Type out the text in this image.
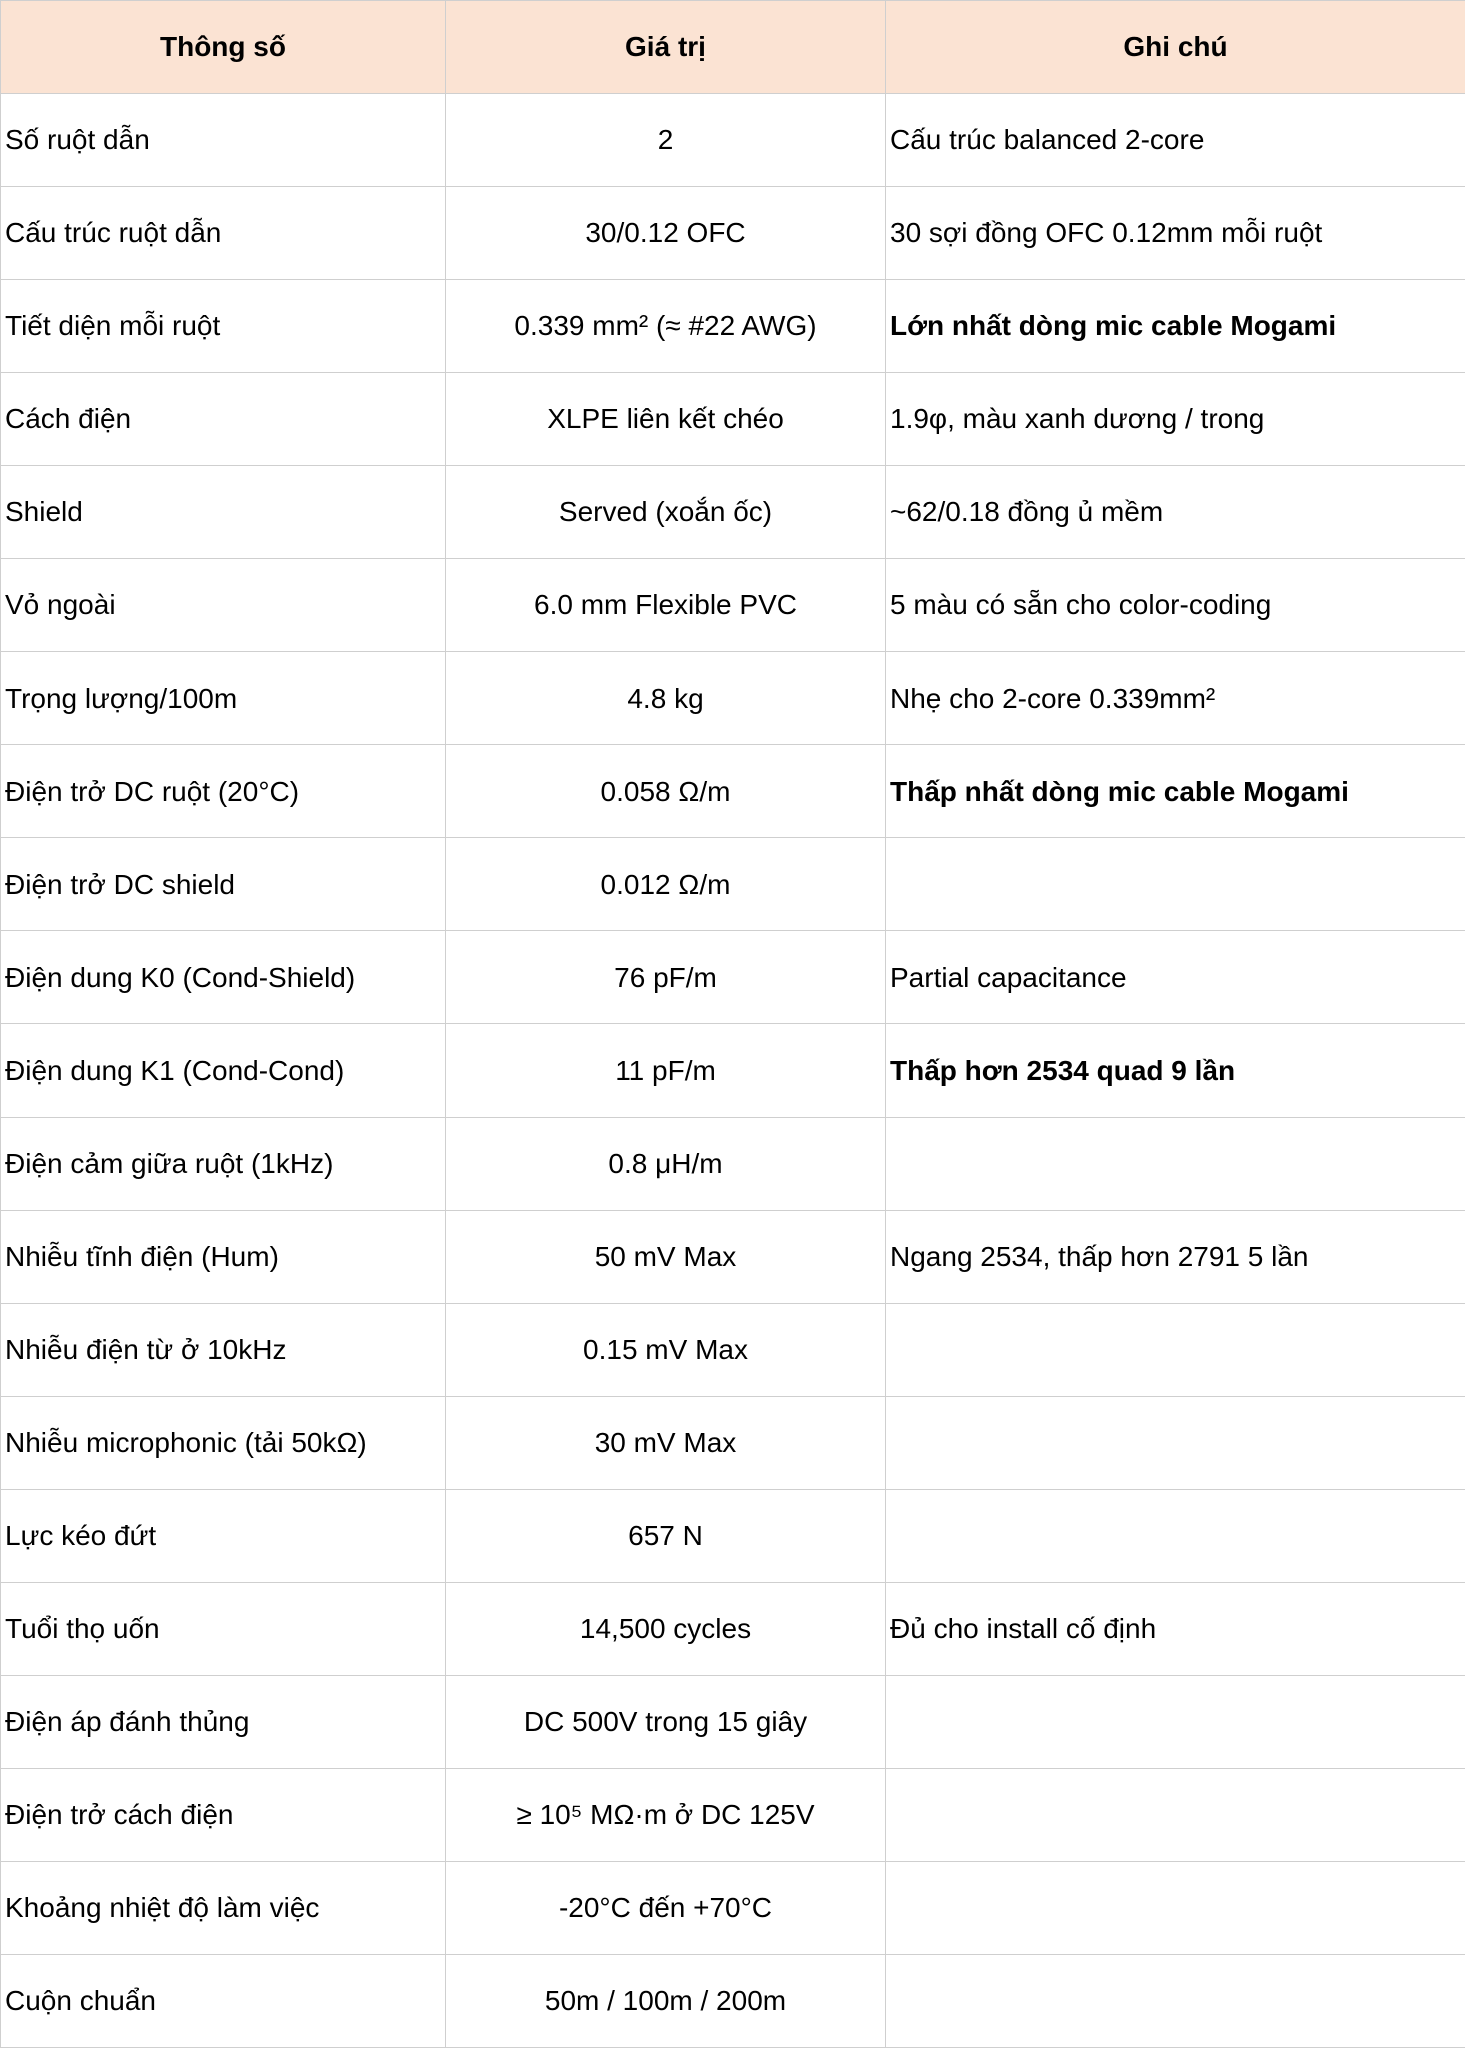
Thông số	Giá trị	Ghi chú
Số ruột dẫn	2	Cấu trúc balanced 2-core
Cấu trúc ruột dẫn	30/0.12 OFC	30 sợi đồng OFC 0.12mm mỗi ruột
Tiết diện mỗi ruột	0.339 mm² (≈ #22 AWG)	Lớn nhất dòng mic cable Mogami
Cách điện	XLPE liên kết chéo	1.9φ, màu xanh dương / trong
Shield	Served (xoắn ốc)	~62/0.18 đồng ủ mềm
Vỏ ngoài	6.0 mm Flexible PVC	5 màu có sẵn cho color-coding
Trọng lượng/100m	4.8 kg	Nhẹ cho 2-core 0.339mm²
Điện trở DC ruột (20°C)	0.058 Ω/m	Thấp nhất dòng mic cable Mogami
Điện trở DC shield	0.012 Ω/m	
Điện dung K0 (Cond-Shield)	76 pF/m	Partial capacitance
Điện dung K1 (Cond-Cond)	11 pF/m	Thấp hơn 2534 quad 9 lần
Điện cảm giữa ruột (1kHz)	0.8 μH/m	
Nhiễu tĩnh điện (Hum)	50 mV Max	Ngang 2534, thấp hơn 2791 5 lần
Nhiễu điện từ ở 10kHz	0.15 mV Max	
Nhiễu microphonic (tải 50kΩ)	30 mV Max	
Lực kéo đứt	657 N	
Tuổi thọ uốn	14,500 cycles	Đủ cho install cố định
Điện áp đánh thủng	DC 500V trong 15 giây	
Điện trở cách điện	≥ 10⁵ MΩ·m ở DC 125V	
Khoảng nhiệt độ làm việc	-20°C đến +70°C	
Cuộn chuẩn	50m / 100m / 200m	
